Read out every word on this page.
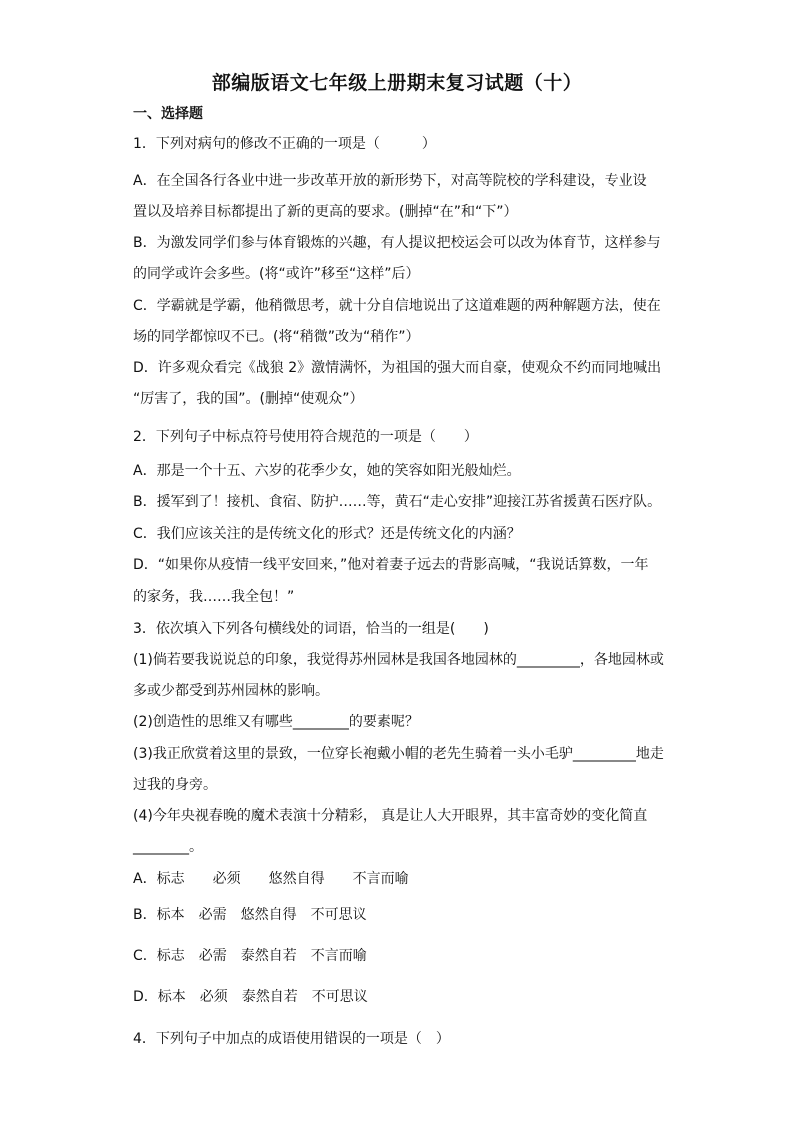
部编版语文七年级上册期末复习试题（十）
一、选择题
1．下列对病句的修改不正确的一项是（　　　）
A．在全国各行各业中进一步改革开放的新形势下，对高等院校的学科建设，专业设
置以及培养目标都提出了新的更高的要求。(删掉“在”和“下”）
B．为激发同学们参与体育锻炼的兴趣，有人提议把校运会可以改为体育节，这样参与
的同学或许会多些。(将“或许”移至“这样”后）
C．学霸就是学霸，他稍微思考，就十分自信地说出了这道难题的两种解题方法，使在
场的同学都惊叹不已。(将“稍微”改为“稍作”）
D．许多观众看完《战狼 2》激情满怀，为祖国的强大而自豪，使观众不约而同地喊出
“厉害了，我的国”。(删掉“使观众”）
2．下列句子中标点符号使用符合规范的一项是（　　）
A．那是一个十五、六岁的花季少女，她的笑容如阳光般灿烂。
B．援军到了！接机、食宿、防护……等，黄石“走心安排”迎接江苏省援黄石医疗队。
C．我们应该关注的是传统文化的形式？还是传统文化的内涵？
D．“如果你从疫情一线平安回来，”他对着妻子远去的背影高喊，“我说话算数，一年
的家务，我……我全包！”
3．依次填入下列各句横线处的词语，恰当的一组是(　　)
(1)倘若要我说说总的印象，我觉得苏州园林是我国各地园林的_________，各地园林或
多或少都受到苏州园林的影响。
(2)创造性的思维又有哪些________的要素呢？
(3)我正欣赏着这里的景致，一位穿长袍戴小帽的老先生骑着一头小毛驴_________地走
过我的身旁。
(4)今年央视春晚的魔术表演十分精彩， 真是让人大开眼界，其丰富奇妙的变化简直
________。
A．标志　　必须　　悠然自得　　不言而喻
B．标本　必需　悠然自得　不可思议
C．标志　必需　泰然自若　不言而喻
D．标本　必须　泰然自若　不可思议
4．下列句子中加点的成语使用错误的一项是（　）
